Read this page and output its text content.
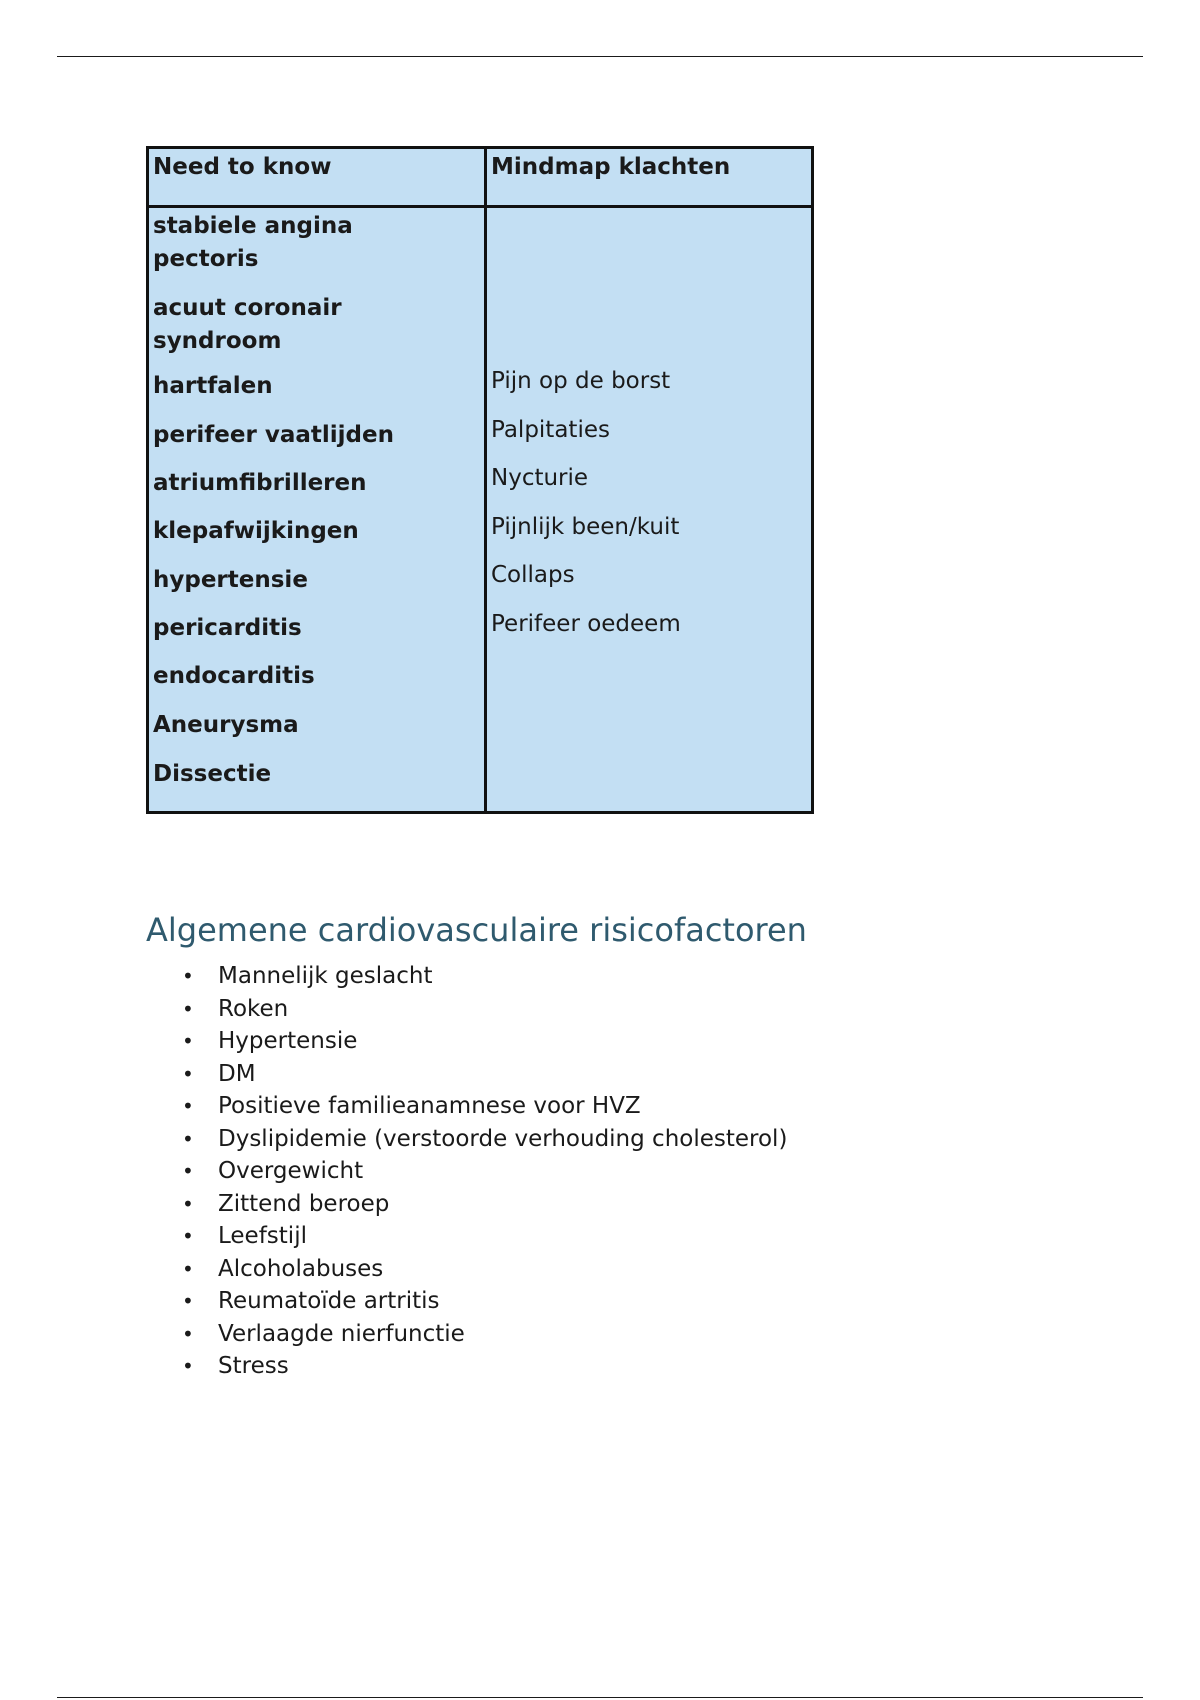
Need to know	Mindmap klachten
stabiele angina
pectoris
acuut coronair
syndroom
hartfalen
perifeer vaatlijden
atriumfibrilleren
klepafwijkingen
hypertensie
pericarditis
endocarditis
Aneurysma
Dissectie
Pijn op de borst
Palpitaties
Nycturie
Pijnlijk been/kuit
Collaps
Perifeer oedeem
Algemene cardiovasculaire risicofactoren
• Mannelijk geslacht
• Roken
• Hypertensie
• DM
• Positieve familieanamnese voor HVZ
• Dyslipidemie (verstoorde verhouding cholesterol)
• Overgewicht
• Zittend beroep
• Leefstijl
• Alcoholabuses
• Reumatoïde artritis
• Verlaagde nierfunctie
• Stress
